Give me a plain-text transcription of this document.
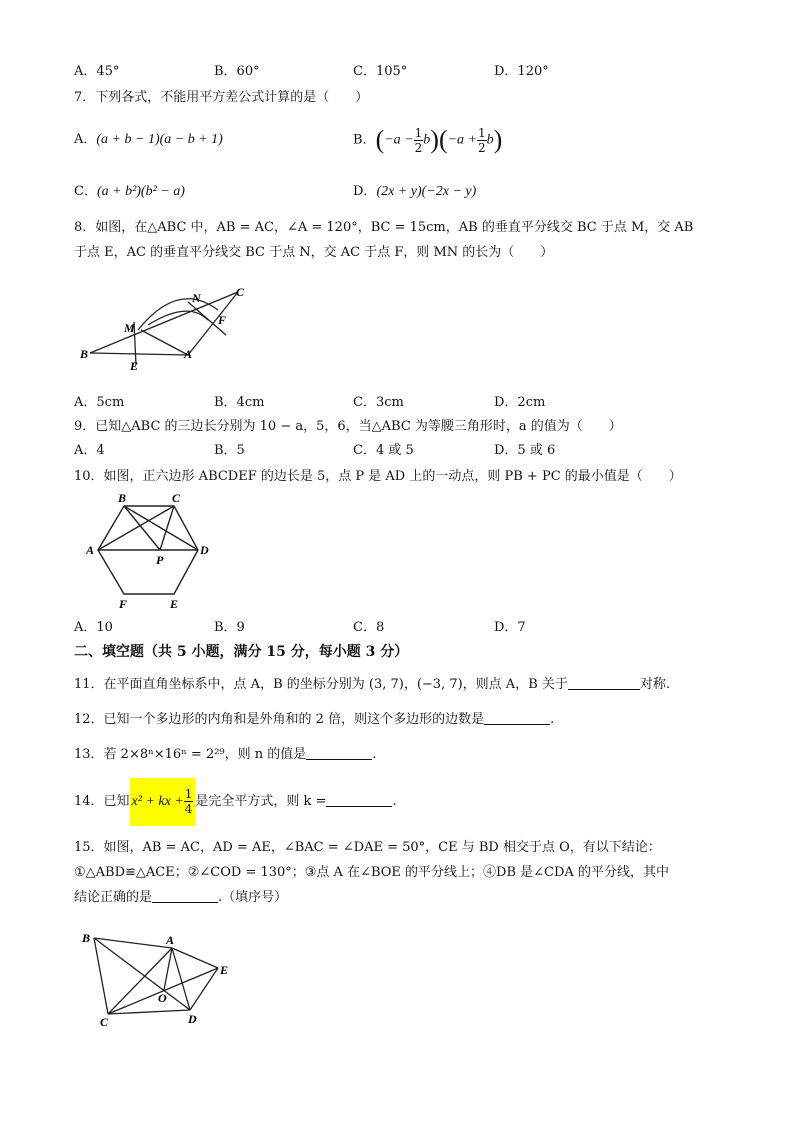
A．45°	B．60°	C．105°	D．120°
7．下列各式，不能用平方差公式计算的是（　　）
A．(a + b − 1)(a − b + 1)	B．$(-a - \frac{1}{2} b)(-a + \frac{1}{2} b)$
C．(a + b²)(b² − a)	D．(2x + y)(−2x − y)
8．如图，在△ABC 中，AB = AC，∠A = 120°，BC = 15cm，AB 的垂直平分线交 BC 于点 M，交 AB
于点 E，AC 的垂直平分线交 BC 于点 N，交 AC 于点 F，则 MN 的长为（　　）
B
C
M
N
E
F
A
A．5cm	B．4cm	C．3cm	D．2cm
9．已知△ABC 的三边长分别为 10 − a，5，6，当△ABC 为等腰三角形时，a 的值为（　　）
A．4	B．5	C．4 或 5	D．5 或 6
10．如图，正六边形 ABCDEF 的边长是 5，点 P 是 AD 上的一动点，则 PB + PC 的最小值是（　　）
A
B	C
D
E
F
P
A．10	B．9	C．8	D．7
二、填空题（共 5 小题，满分 15 分，每小题 3 分）
11．在平面直角坐标系中，点 A，B 的坐标分别为 (3, 7)，(−3, 7)，则点 A，B 关于	对称.
12．已知一个多边形的内角和是外角和的 2 倍，则这个多边形的边数是	.
13．若 2×8ⁿ×16ⁿ = 2²⁹，则 n 的值是	.
14．已知 x² + kx + $\frac{1}{4}$ 是完全平方式，则 k =	.
15．如图，AB = AC，AD = AE，∠BAC = ∠DAE = 50°，CE 与 BD 相交于点 O，有以下结论：
①△ABD≌△ACE；②∠COD = 130°；③点 A 在∠BOE 的平分线上；④DB 是∠CDA 的平分线，其中
结论正确的是	.（填序号）
B	A
E
C	D
O
